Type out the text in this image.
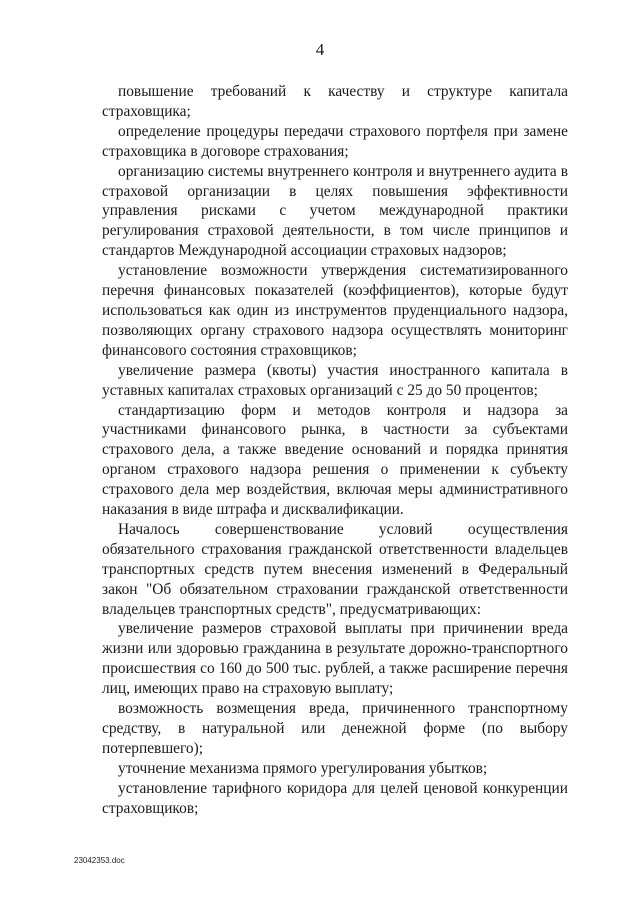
4

повышение требований к качеству и структуре капитала страховщика;

определение процедуры передачи страхового портфеля при замене страховщика в договоре страхования;

организацию системы внутреннего контроля и внутреннего аудита в страховой организации в целях повышения эффективности управления рисками с учетом международной практики регулирования страховой деятельности, в том числе принципов и стандартов Международной ассоциации страховых надзоров;

установление возможности утверждения систематизированного перечня финансовых показателей (коэффициентов), которые будут использоваться как один из инструментов пруденциального надзора, позволяющих органу страхового надзора осуществлять мониторинг финансового состояния страховщиков;

увеличение размера (квоты) участия иностранного капитала в уставных капиталах страховых организаций с 25 до 50 процентов;

стандартизацию форм и методов контроля и надзора за участниками финансового рынка, в частности за субъектами страхового дела, а также введение оснований и порядка принятия органом страхового надзора решения о применении к субъекту страхового дела мер воздействия, включая меры административного наказания в виде штрафа и дисквалификации.

Началось совершенствование условий осуществления обязательного страхования гражданской ответственности владельцев транспортных средств путем внесения изменений в Федеральный закон "Об обязательном страховании гражданской ответственности владельцев транспортных средств", предусматривающих:

увеличение размеров страховой выплаты при причинении вреда жизни или здоровью гражданина в результате дорожно-транспортного происшествия со 160 до 500 тыс. рублей, а также расширение перечня лиц, имеющих право на страховую выплату;

возможность возмещения вреда, причиненного транспортному средству, в натуральной или денежной форме (по выбору потерпевшего);

уточнение механизма прямого урегулирования убытков;

установление тарифного коридора для целей ценовой конкуренции страховщиков;

23042353.doc
